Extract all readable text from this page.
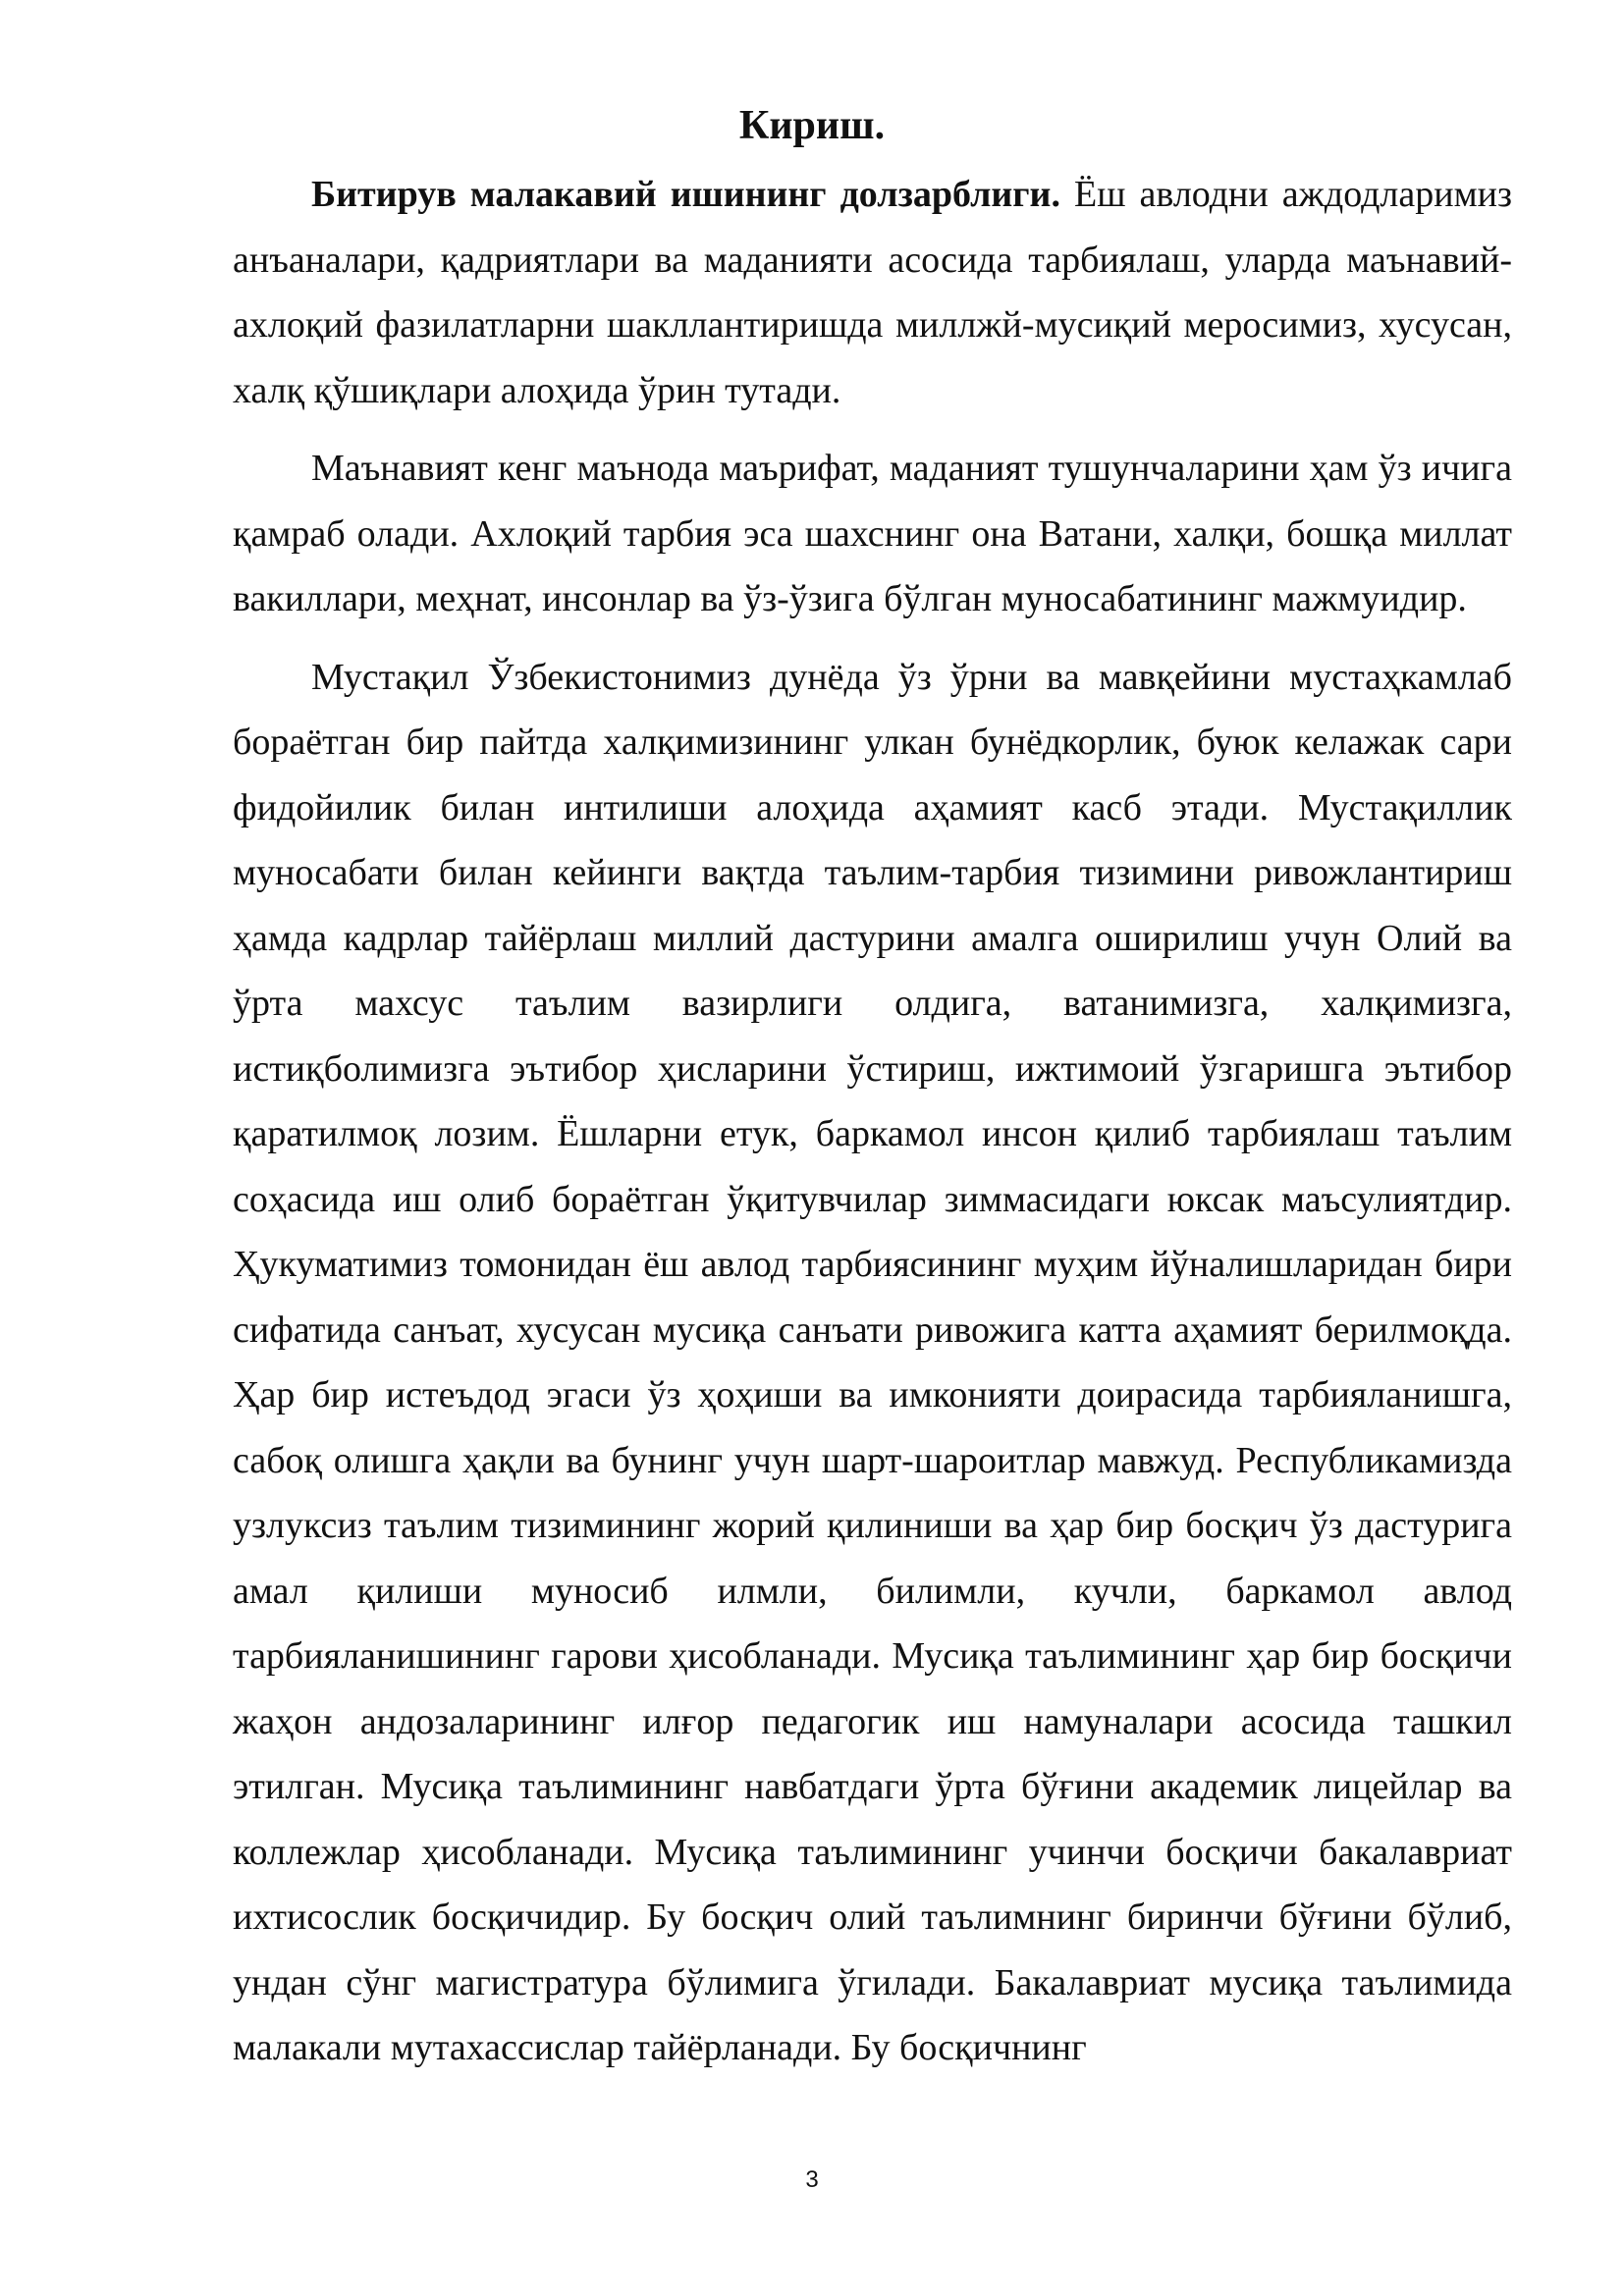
Кириш.

Битирув малакавий ишининг долзарблиги. Ёш авлодни аждодларимиз анъаналари, қадриятлари ва маданияти асосида тарбиялаш, уларда маънавий-ахлоқий фазилатларни шакллантиришда миллжй-мусиқий меросимиз, хусусан, халқ қўшиқлари алоҳида ўрин тутади.

Маънавият кенг маънода маърифат, маданият тушунчаларини ҳам ўз ичига қамраб олади. Ахлоқий тарбия эса шахснинг она Ватани, халқи, бошқа миллат вакиллари, меҳнат, инсонлар ва ўз-ўзига бўлган муносабатининг мажмуидир.

Мустақил Ўзбекистонимиз дунёда ўз ўрни ва мавқейини мустаҳкамлаб бораётган бир пайтда халқимизининг улкан бунёдкорлик, буюк келажак сари фидойилик билан интилиши алоҳида аҳамият касб этади. Мустақиллик муносабати билан кейинги вақтда таълим-тарбия тизимини ривожлантириш ҳамда кадрлар тайёрлаш миллий дастурини амалга оширилиш учун Олий ва ўрта махсус таълим вазирлиги олдига, ватанимизга, халқимизга, истиқболимизга эътибор ҳисларини ўстириш, ижтимоий ўзгаришга эътибор қаратилмоқ лозим. Ёшларни етук, баркамол инсон қилиб тарбиялаш таълим соҳасида иш олиб бораётган ўқитувчилар зиммасидаги юксак маъсулиятдир. Ҳукуматимиз томонидан ёш авлод тарбиясининг муҳим йўналишларидан бири сифатида санъат, хусусан мусиқа санъати ривожига катта аҳамият берилмоқда. Ҳар бир истеъдод эгаси ўз ҳоҳиши ва имконияти доирасида тарбияланишга, сабоқ олишга ҳақли ва бунинг учун шарт-шароитлар мавжуд. Республикамизда узлуксиз таълим тизимининг жорий қилиниши ва ҳар бир босқич ўз дастурига амал қилиши муносиб илмли, билимли, кучли, баркамол авлод тарбияланишининг гарови ҳисобланади. Мусиқа таълимининг ҳар бир босқичи жаҳон андозаларининг илғор педагогик иш намуналари асосида ташкил этилган. Мусиқа таълимининг навбатдаги ўрта бўғини академик лицейлар ва коллежлар ҳисобланади. Мусиқа таълимининг учинчи босқичи бакалавриат ихтисослик босқичидир. Бу босқич олий таълимнинг биринчи бўғини бўлиб, ундан сўнг магистратура бўлимига ўгилади. Бакалавриат мусиқа таълимида малакали мутахассислар тайёрланади. Бу босқичнинг

3
